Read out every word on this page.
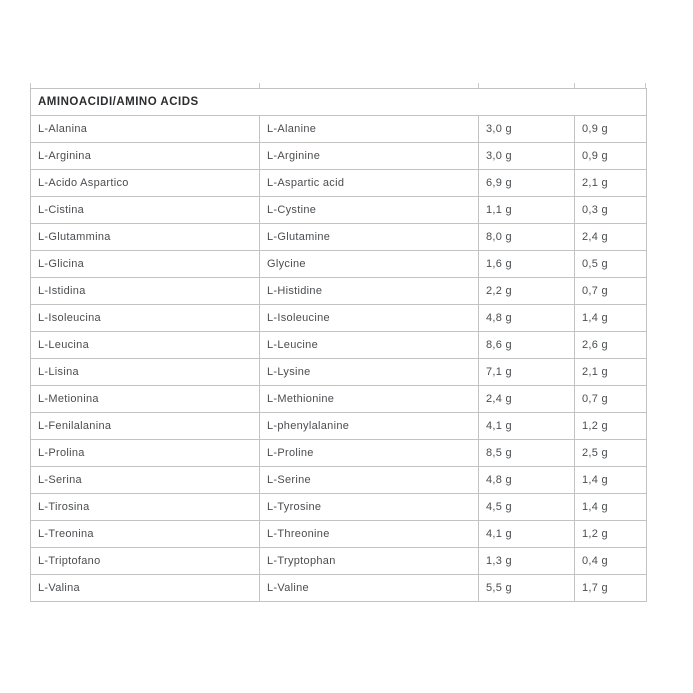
AMINOACIDI/AMINO ACIDS			
L-Alanina	L-Alanine	3,0 g	0,9 g
L-Arginina	L-Arginine	3,0 g	0,9 g
L-Acido Aspartico	L-Aspartic acid	6,9 g	2,1 g
L-Cistina	L-Cystine	1,1 g	0,3 g
L-Glutammina	L-Glutamine	8,0 g	2,4 g
L-Glicina	Glycine	1,6 g	0,5 g
L-Istidina	L-Histidine	2,2 g	0,7 g
L-Isoleucina	L-Isoleucine	4,8 g	1,4 g
L-Leucina	L-Leucine	8,6 g	2,6 g
L-Lisina	L-Lysine	7,1 g	2,1 g
L-Metionina	L-Methionine	2,4 g	0,7 g
L-Fenilalanina	L-phenylalanine	4,1 g	1,2 g
L-Prolina	L-Proline	8,5 g	2,5 g
L-Serina	L-Serine	4,8 g	1,4 g
L-Tirosina	L-Tyrosine	4,5 g	1,4 g
L-Treonina	L-Threonine	4,1 g	1,2 g
L-Triptofano	L-Tryptophan	1,3 g	0,4 g
L-Valina	L-Valine	5,5 g	1,7 g
